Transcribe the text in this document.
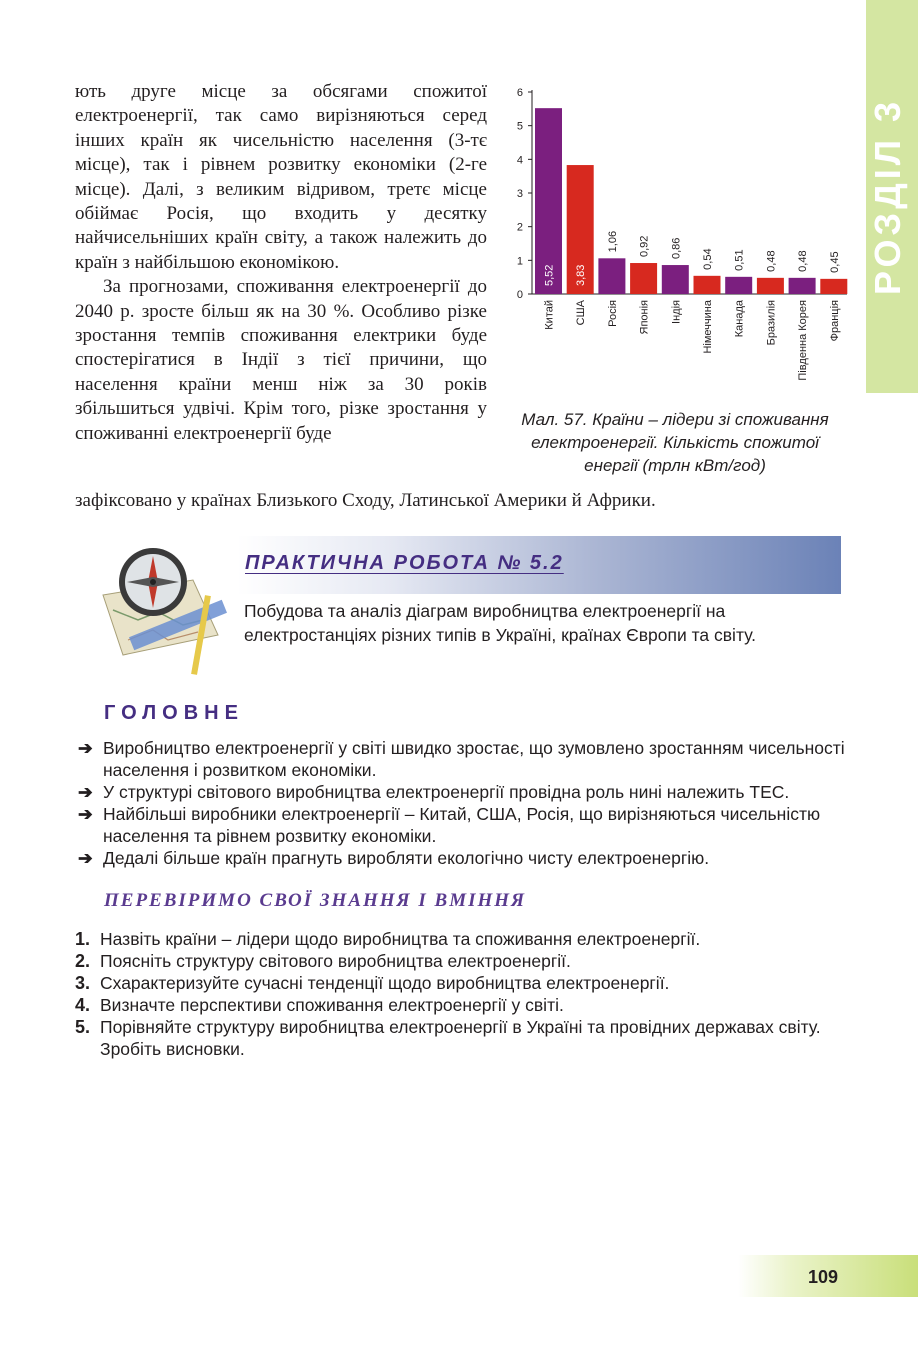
РОЗДІЛ 3

ють друге місце за обсягами спожитої електроенергії, так само вирізняються серед інших країн як чисельністю населення (3-тє місце), так і рівнем розвитку економіки (2-ге місце). Далі, з великим відривом, третє місце обіймає Росія, що входить у десятку найчисельніших країн світу, а також належить до країн з найбільшою економікою.

За прогнозами, споживання електроенергії до 2040 р. зросте більш як на 30 %. Особливо різке зростання темпів споживання електрики буде спостерігатися в Індії з тієї причини, що населення країни менш ніж за 30 років збільшиться удвічі. Крім того, різке зростання у споживанні електроенергії буде

зафіксовано у країнах Близького Сходу, Латинської Америки й Африки.
0
1
2
3
4
5
6
5,52
Китай
3,83
США
1,06
Росія
0,92
Японія
0,86
Індія
0,54
Німеччина
0,51
Канада
0,48
Бразилія
0,48
Південна Корея
0,45
Франція
Мал. 57. Країни – лідери зі споживання електроенергії. Кількість спожитої енергії (трлн кВт/год)
ПРАКТИЧНА РОБОТА № 5.2
Побудова та аналіз діаграм виробництва електроенергії на електростанціях різних типів в Україні, країнах Європи та світу.
ГОЛОВНЕ
➔ Виробництво електроенергії у світі швидко зростає, що зумовлено зростанням чисельності населення і розвитком економіки.
➔ У структурі світового виробництва електроенергії провідна роль нині належить ТЕС.
➔ Найбільші виробники електроенергії – Китай, США, Росія, що вирізняються чисельністю населення та рівнем розвитку економіки.
➔ Дедалі більше країн прагнуть виробляти екологічно чисту електроенергію.
ПЕРЕВІРИМО СВОЇ ЗНАННЯ І ВМІННЯ
1. Назвіть країни – лідери щодо виробництва та споживання електроенергії.
2. Поясніть структуру світового виробництва електроенергії.
3. Схарактеризуйте сучасні тенденції щодо виробництва електроенергії.
4. Визначте перспективи споживання електроенергії у світі.
5. Порівняйте структуру виробництва електроенергії в Україні та провідних державах світу. Зробіть висновки.
109
